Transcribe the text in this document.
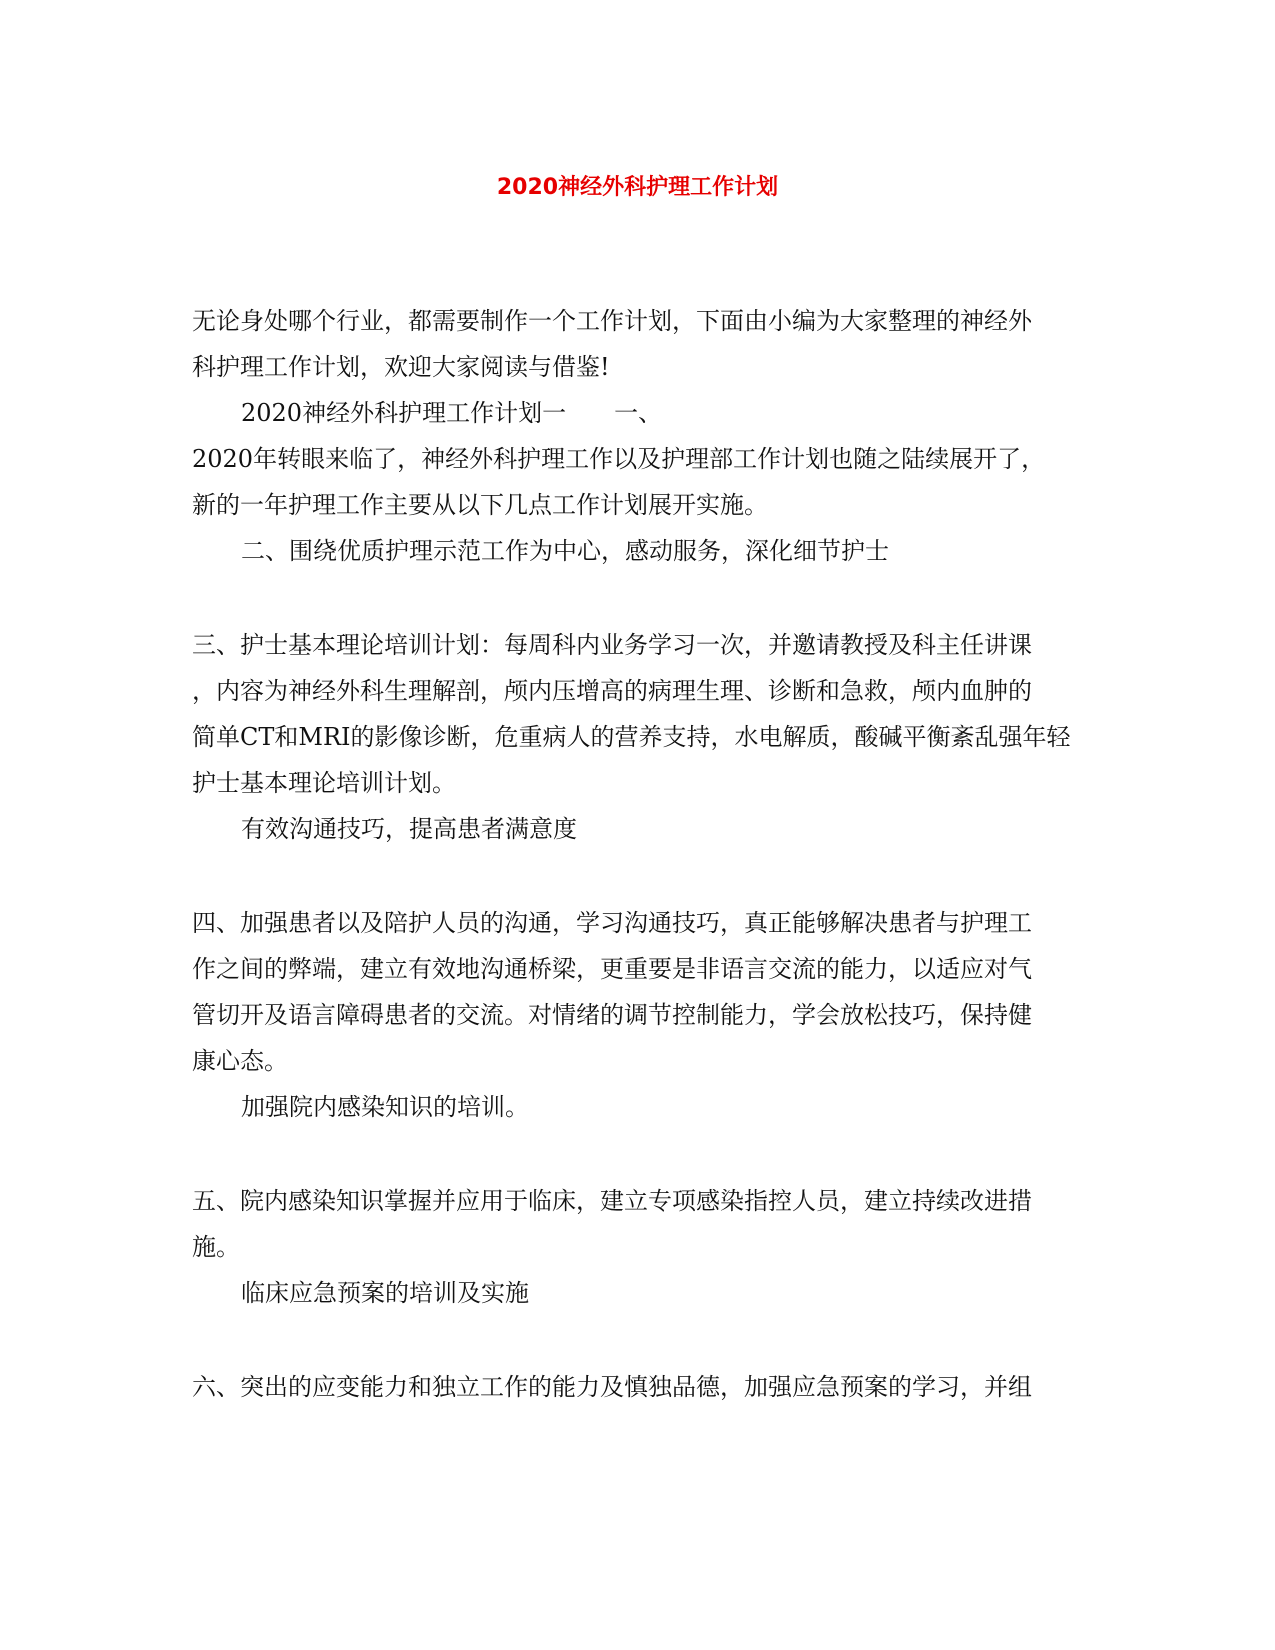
2020神经外科护理工作计划
无论身处哪个行业，都需要制作一个工作计划，下面由小编为大家整理的神经外
科护理工作计划，欢迎大家阅读与借鉴!
2020神经外科护理工作计划一　　一、
2020年转眼来临了，神经外科护理工作以及护理部工作计划也随之陆续展开了，
新的一年护理工作主要从以下几点工作计划展开实施。
二、围绕优质护理示范工作为中心，感动服务，深化细节护士
三、护士基本理论培训计划：每周科内业务学习一次，并邀请教授及科主任讲课
，内容为神经外科生理解剖，颅内压增高的病理生理、诊断和急救，颅内血肿的
简单CT和MRI的影像诊断，危重病人的营养支持，水电解质，酸碱平衡紊乱强年轻
护士基本理论培训计划。
有效沟通技巧，提高患者满意度
四、加强患者以及陪护人员的沟通，学习沟通技巧，真正能够解决患者与护理工
作之间的弊端，建立有效地沟通桥梁，更重要是非语言交流的能力，以适应对气
管切开及语言障碍患者的交流。对情绪的调节控制能力，学会放松技巧，保持健
康心态。
加强院内感染知识的培训。
五、院内感染知识掌握并应用于临床，建立专项感染指控人员，建立持续改进措
施。
临床应急预案的培训及实施
六、突出的应变能力和独立工作的能力及慎独品德，加强应急预案的学习，并组
